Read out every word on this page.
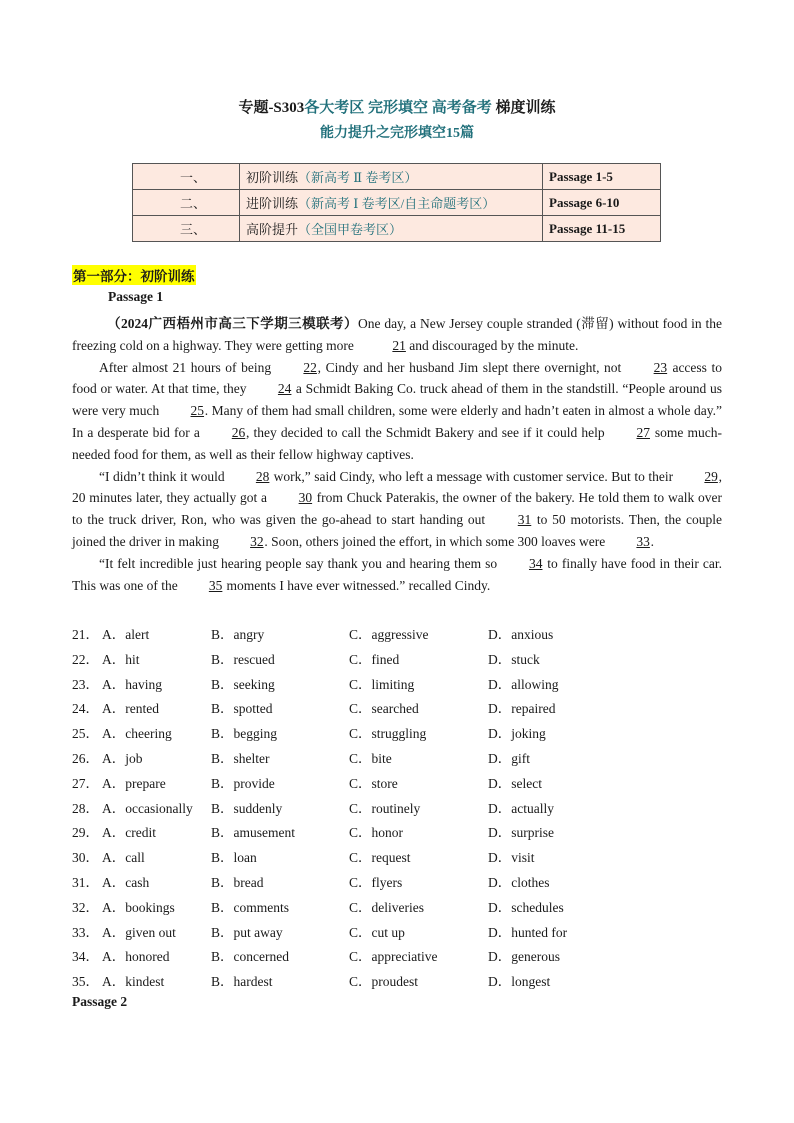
专题-S303各大考区 完形填空 高考备考 梯度训练
能力提升之完形填空15篇
一、	初阶训练（新高考 Ⅱ 卷考区）	Passage 1-5
二、	进阶训练（新高考 Ⅰ 卷考区/自主命题考区）	Passage 6-10
三、	高阶提升（全国甲卷考区）	Passage 11-15
第一部分：初阶训练
Passage 1

（2024广西梧州市高三下学期三模联考）One day, a New Jersey couple stranded (滞留) without food in the freezing cold on a highway. They were getting more	21 and discouraged by the minute.

After almost 21 hours of being 22, Cindy and her husband Jim slept there overnight, not 23 access to food or water. At that time, they 24 a Schmidt Baking Co. truck ahead of them in the standstill. “People around us were very much 25. Many of them had small children, some were elderly and hadn’t eaten in almost a whole day.” In a desperate bid for a 26, they decided to call the Schmidt Bakery and see if it could help 27 some much-needed food for them, as well as their fellow highway captives.

“I didn’t think it would 28 work,” said Cindy, who left a message with customer service. But to their 29, 20 minutes later, they actually got a 30 from Chuck Paterakis, the owner of the bakery. He told them to walk over to the truck driver, Ron, who was given the go-ahead to start handing out 31 to 50 motorists. Then, the couple joined the driver in making 32. Soon, others joined the effort, in which some 300 loaves were 33.

“It felt incredible just hearing people say thank you and hearing them so 34 to finally have food in their car. This was one of the 35 moments I have ever witnessed.” recalled Cindy.

21． A．alert	B．angry	C．aggressive	D．anxious
22． A．hit	B．rescued	C．fined	D．stuck
23． A．having	B．seeking	C．limiting	D．allowing
24． A．rented	B．spotted	C．searched	D．repaired
25． A．cheering	B．begging	C．struggling	D．joking
26． A．job	B．shelter	C．bite	D．gift
27． A．prepare	B．provide	C．store	D．select
28． A．occasionally B．suddenly	C．routinely	D．actually
29． A．credit	B．amusement	C．honor	D．surprise
30． A．call	B．loan	C．request	D．visit
31． A．cash	B．bread	C．flyers	D．clothes
32． A．bookings	B．comments	C．deliveries	D．schedules
33． A．given out	B．put away	C．cut up	D．hunted for
34． A．honored	B．concerned	C．appreciative	D．generous
35． A．kindest	B．hardest	C．proudest	D．longest
Passage 2
